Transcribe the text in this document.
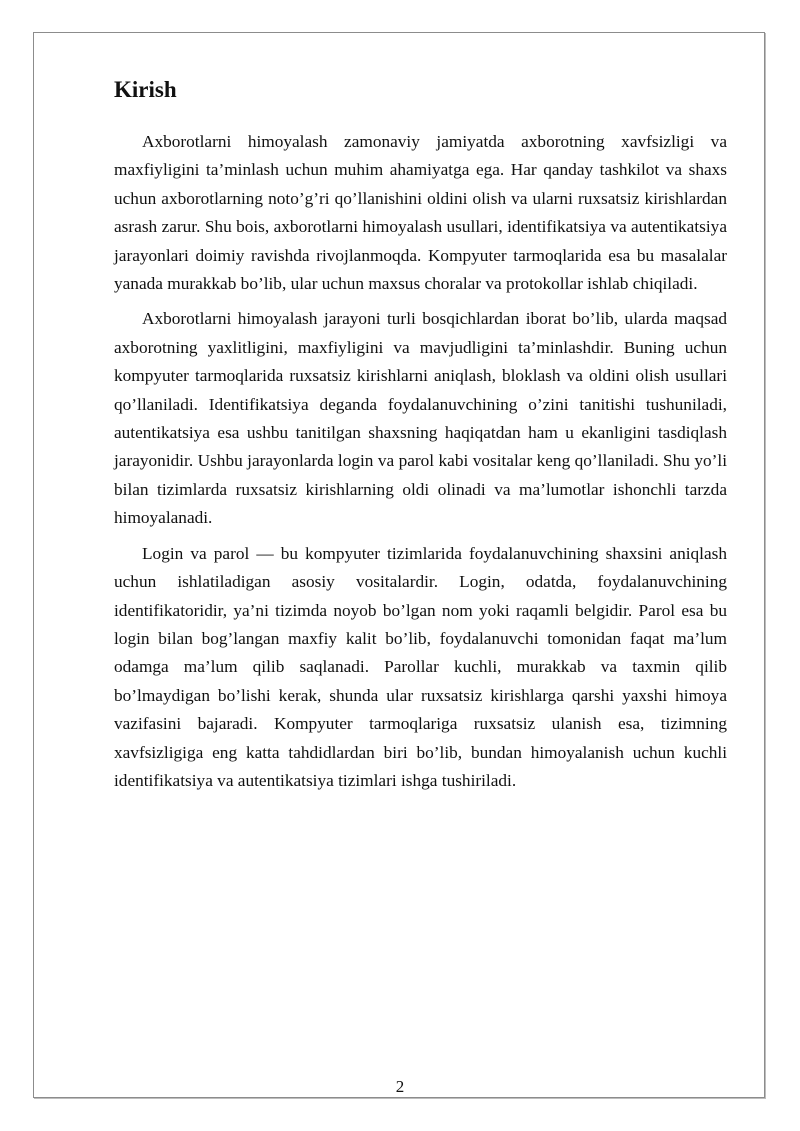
Kirish

Axborotlarni himoyalash zamonaviy jamiyatda axborotning xavfsizligi va maxfiyligini ta’minlash uchun muhim ahamiyatga ega. Har qanday tashkilot va shaxs uchun axborotlarning noto’g’ri qo’llanishini oldini olish va ularni ruxsatsiz kirishlardan asrash zarur. Shu bois, axborotlarni himoyalash usullari, identifikatsiya va autentikatsiya jarayonlari doimiy ravishda rivojlanmoqda. Kompyuter tarmoqlarida esa bu masalalar yanada murakkab bo’lib, ular uchun maxsus choralar va protokollar ishlab chiqiladi.

Axborotlarni himoyalash jarayoni turli bosqichlardan iborat bo’lib, ularda maqsad axborotning yaxlitligini, maxfiyligini va mavjudligini ta’minlashdir. Buning uchun kompyuter tarmoqlarida ruxsatsiz kirishlarni aniqlash, bloklash va oldini olish usullari qo’llaniladi. Identifikatsiya deganda foydalanuvchining o’zini tanitishi tushuniladi, autentikatsiya esa ushbu tanitilgan shaxsning haqiqatdan ham u ekanligini tasdiqlash jarayonidir. Ushbu jarayonlarda login va parol kabi vositalar keng qo’llaniladi. Shu yo’li bilan tizimlarda ruxsatsiz kirishlarning oldi olinadi va ma’lumotlar ishonchli tarzda himoyalanadi.

Login va parol — bu kompyuter tizimlarida foydalanuvchining shaxsini aniqlash uchun ishlatiladigan asosiy vositalardir. Login, odatda, foydalanuvchining identifikatoridir, ya’ni tizimda noyob bo’lgan nom yoki raqamli belgidir. Parol esa bu login bilan bog’langan maxfiy kalit bo’lib, foydalanuvchi tomonidan faqat ma’lum odamga ma’lum qilib saqlanadi. Parollar kuchli, murakkab va taxmin qilib bo’lmaydigan bo’lishi kerak, shunda ular ruxsatsiz kirishlarga qarshi yaxshi himoya vazifasini bajaradi. Kompyuter tarmoqlariga ruxsatsiz ulanish esa, tizimning xavfsizligiga eng katta tahdidlardan biri bo’lib, bundan himoyalanish uchun kuchli identifikatsiya va autentikatsiya tizimlari ishga tushiriladi.

2
